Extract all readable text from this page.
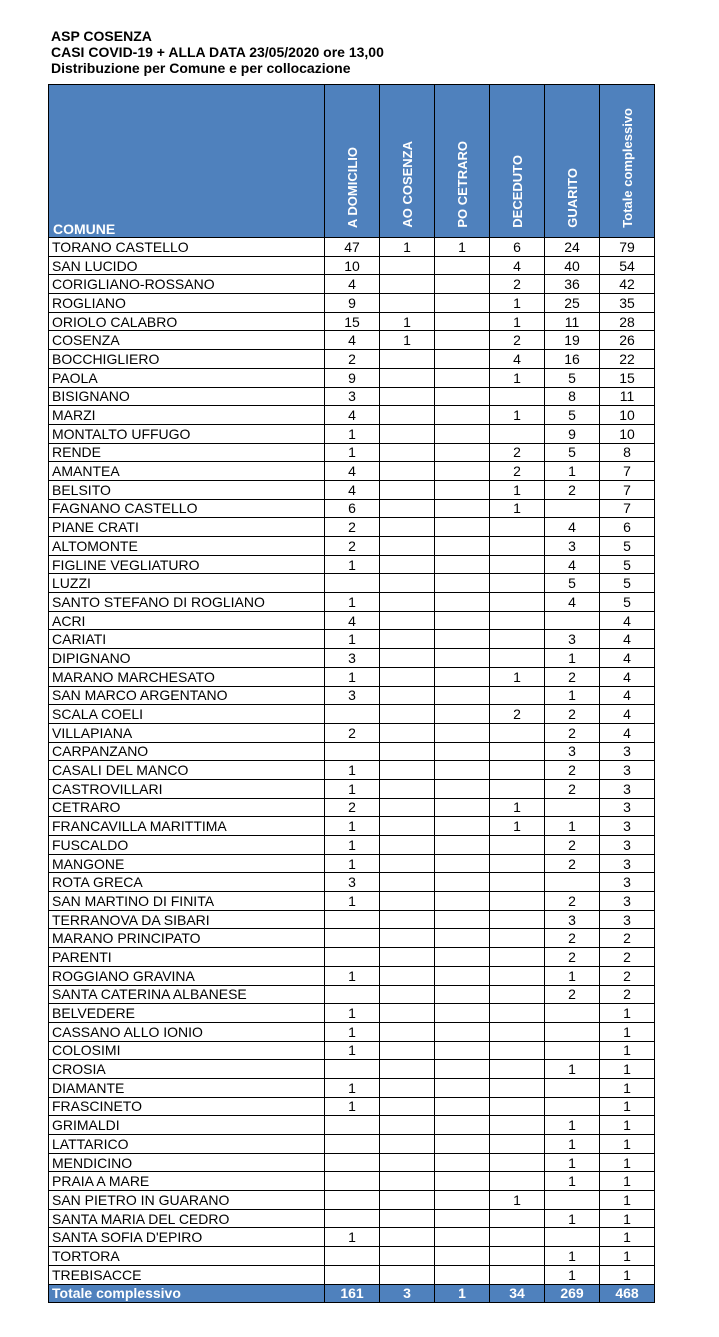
ASP COSENZA
CASI COVID-19 + ALLA DATA 23/05/2020 ore 13,00
Distribuzione per Comune e per collocazione
COMUNE	A DOMICILIO	AO COSENZA	PO CETRARO	DECEDUTO	GUARITO	Totale complessivo
TORANO CASTELLO	47	1	1	6	24	79
SAN LUCIDO	10			4	40	54
CORIGLIANO-ROSSANO	4			2	36	42
ROGLIANO	9			1	25	35
ORIOLO CALABRO	15	1		1	11	28
COSENZA	4	1		2	19	26
BOCCHIGLIERO	2			4	16	22
PAOLA	9			1	5	15
BISIGNANO	3				8	11
MARZI	4			1	5	10
MONTALTO UFFUGO	1				9	10
RENDE	1			2	5	8
AMANTEA	4			2	1	7
BELSITO	4			1	2	7
FAGNANO CASTELLO	6			1		7
PIANE CRATI	2				4	6
ALTOMONTE	2				3	5
FIGLINE VEGLIATURO	1				4	5
LUZZI					5	5
SANTO STEFANO DI ROGLIANO	1				4	5
ACRI	4					4
CARIATI	1				3	4
DIPIGNANO	3				1	4
MARANO MARCHESATO	1			1	2	4
SAN MARCO ARGENTANO	3				1	4
SCALA COELI				2	2	4
VILLAPIANA	2				2	4
CARPANZANO					3	3
CASALI DEL MANCO	1				2	3
CASTROVILLARI	1				2	3
CETRARO	2			1		3
FRANCAVILLA MARITTIMA	1			1	1	3
FUSCALDO	1				2	3
MANGONE	1				2	3
ROTA GRECA	3					3
SAN MARTINO DI FINITA	1				2	3
TERRANOVA DA SIBARI					3	3
MARANO PRINCIPATO					2	2
PARENTI					2	2
ROGGIANO GRAVINA	1				1	2
SANTA CATERINA ALBANESE					2	2
BELVEDERE	1					1
CASSANO ALLO IONIO	1					1
COLOSIMI	1					1
CROSIA					1	1
DIAMANTE	1					1
FRASCINETO	1					1
GRIMALDI					1	1
LATTARICO					1	1
MENDICINO					1	1
PRAIA A MARE					1	1
SAN PIETRO IN GUARANO				1		1
SANTA MARIA DEL CEDRO					1	1
SANTA SOFIA D'EPIRO	1					1
TORTORA					1	1
TREBISACCE					1	1
Totale complessivo	161	3	1	34	269	468
